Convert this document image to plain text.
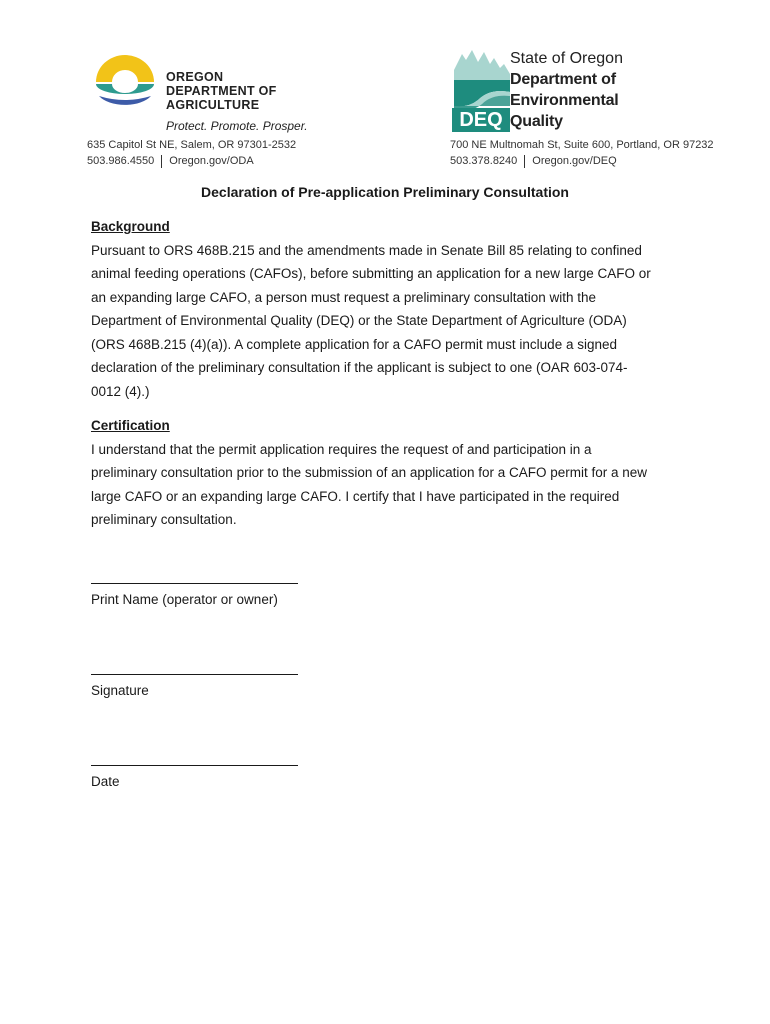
OREGON
DEPARTMENT OF
AGRICULTURE
Protect. Promote. Prosper.
635 Capitol St NE, Salem, OR 97301-2532
503.986.4550 Oregon.gov/ODA
DEQ
State of Oregon
Department of
Environmental
Quality
700 NE Multnomah St, Suite 600, Portland, OR 97232
503.378.8240 Oregon.gov/DEQ
Declaration of Pre-application Preliminary Consultation
Background
Pursuant to ORS 468B.215 and the amendments made in Senate Bill 85 relating to confined
animal feeding operations (CAFOs), before submitting an application for a new large CAFO or
an expanding large CAFO, a person must request a preliminary consultation with the
Department of Environmental Quality (DEQ) or the State Department of Agriculture (ODA)
(ORS 468B.215 (4)(a)). A complete application for a CAFO permit must include a signed
declaration of the preliminary consultation if the applicant is subject to one (OAR 603-074-
0012 (4).)
Certification
I understand that the permit application requires the request of and participation in a
preliminary consultation prior to the submission of an application for a CAFO permit for a new
large CAFO or an expanding large CAFO. I certify that I have participated in the required
preliminary consultation.
Print Name (operator or owner)
Signature
Date
